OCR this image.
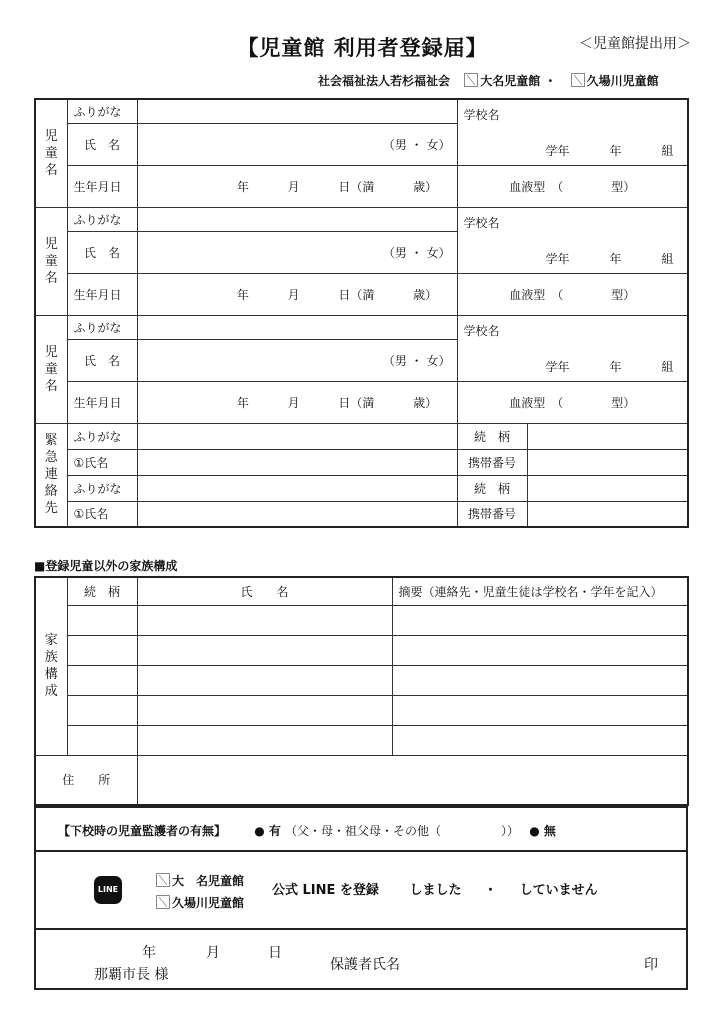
【児童館 利用者登録届】	＜児童館提出用＞
社会福祉法人若杉福祉会	大名児童館 ・	久場川児童館
児童名	ふりがな		学校名
学年 年 組	

	氏　名	（男 ・ 女）		
	生年月日	年 月 日（満 歳）	血液型　（　　　　 型）	

児童名	ふりがな		学校名
学年 年 組	

	氏　名	（男 ・ 女）		
	生年月日	年 月 日（満 歳）	血液型　（　　　　 型）	

児童名	ふりがな		学校名
学年 年 組	

	氏　名	（男 ・ 女）		
	生年月日	年 月 日（満 歳）	血液型　（　　　　 型）	

緊急連絡先	ふりがな		続　柄	
	①氏名		携帯番号	
	ふりがな		続　柄	
	①氏名		携帯番号	
■登録児童以外の家族構成
家族構成	続　柄	氏　　名	摘要（連絡先・児童生徒は学校名・学年を記入）

住　　所			
【下校時の児童監護者の有無】 ● 有 （父・母・祖父母・その他（　　　　　）） ● 無
LINE
大　名児童館
久場川児童館
公式 LINE を登録 しました ・ していません
年	月	日
那覇市長 様
保護者氏名	印
